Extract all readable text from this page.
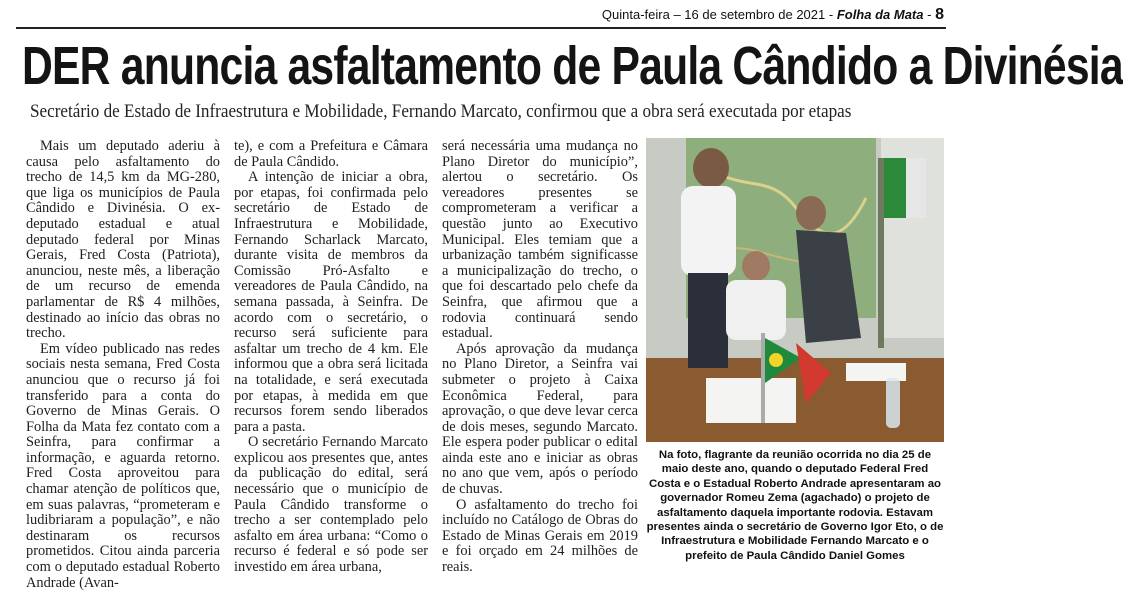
Quinta-feira – 16 de setembro de 2021 - Folha da Mata - 8
DER anuncia asfaltamento de Paula Cândido a Divinésia
Secretário de Estado de Infraestrutura e Mobilidade, Fernando Marcato, confirmou que a obra será executada por etapas

Mais um deputado aderiu à causa pelo asfaltamento do trecho de 14,5 km da MG-280, que liga os municípios de Paula Cândido e Divinésia. O ex-deputado estadual e atual deputado federal por Minas Gerais, Fred Costa (Patriota), anunciou, neste mês, a liberação de um recurso de emenda parlamentar de R$ 4 milhões, destinado ao início das obras no trecho.

Em vídeo publicado nas redes sociais nesta semana, Fred Costa anunciou que o recurso já foi transferido para a conta do Governo de Minas Gerais. O Folha da Mata fez contato com a Seinfra, para confirmar a informação, e aguarda retorno. Fred Costa aproveitou para chamar atenção de políticos que, em suas palavras, “prometeram e ludibriaram a população”, e não destinaram os recursos prometidos. Citou ainda parceria com o deputado estadual Roberto Andrade (Avan-

te), e com a Prefeitura e Câmara de Paula Cândido.

A intenção de iniciar a obra, por etapas, foi confirmada pelo secretário de Estado de Infraestrutura e Mobilidade, Fernando Scharlack Marcato, durante visita de membros da Comissão Pró-Asfalto e vereadores de Paula Cândido, na semana passada, à Seinfra. De acordo com o secretário, o recurso será suficiente para asfaltar um trecho de 4 km. Ele informou que a obra será licitada na totalidade, e será executada por etapas, à medida em que recursos forem sendo liberados para a pasta.

O secretário Fernando Marcato explicou aos presentes que, antes da publicação do edital, será necessário que o município de Paula Cândido transforme o trecho a ser contemplado pelo asfalto em área urbana: “Como o recurso é federal e só pode ser investido em área urbana,

será necessária uma mudança no Plano Diretor do município”, alertou o secretário. Os vereadores presentes se comprometeram a verificar a questão junto ao Executivo Municipal. Eles temiam que a urbanização também significasse a municipalização do trecho, o que foi descartado pelo chefe da Seinfra, que afirmou que a rodovia continuará sendo estadual.

Após aprovação da mudança no Plano Diretor, a Seinfra vai submeter o projeto à Caixa Econômica Federal, para aprovação, o que deve levar cerca de dois meses, segundo Marcato. Ele espera poder publicar o edital ainda este ano e iniciar as obras no ano que vem, após o período de chuvas.

O asfaltamento do trecho foi incluído no Catálogo de Obras do Estado de Minas Gerais em 2019 e foi orçado em 24 milhões de reais.

Na foto, flagrante da reunião ocorrida no dia 25 de maio deste ano, quando o deputado Federal Fred Costa e o Estadual Roberto Andrade apresentaram ao governador Romeu Zema (agachado) o projeto de asfaltamento daquela importante rodovia. Estavam presentes ainda o secretário de Governo Igor Eto, o de Infraestrutura e Mobilidade Fernando Marcato e o prefeito de Paula Cândido Daniel Gomes
